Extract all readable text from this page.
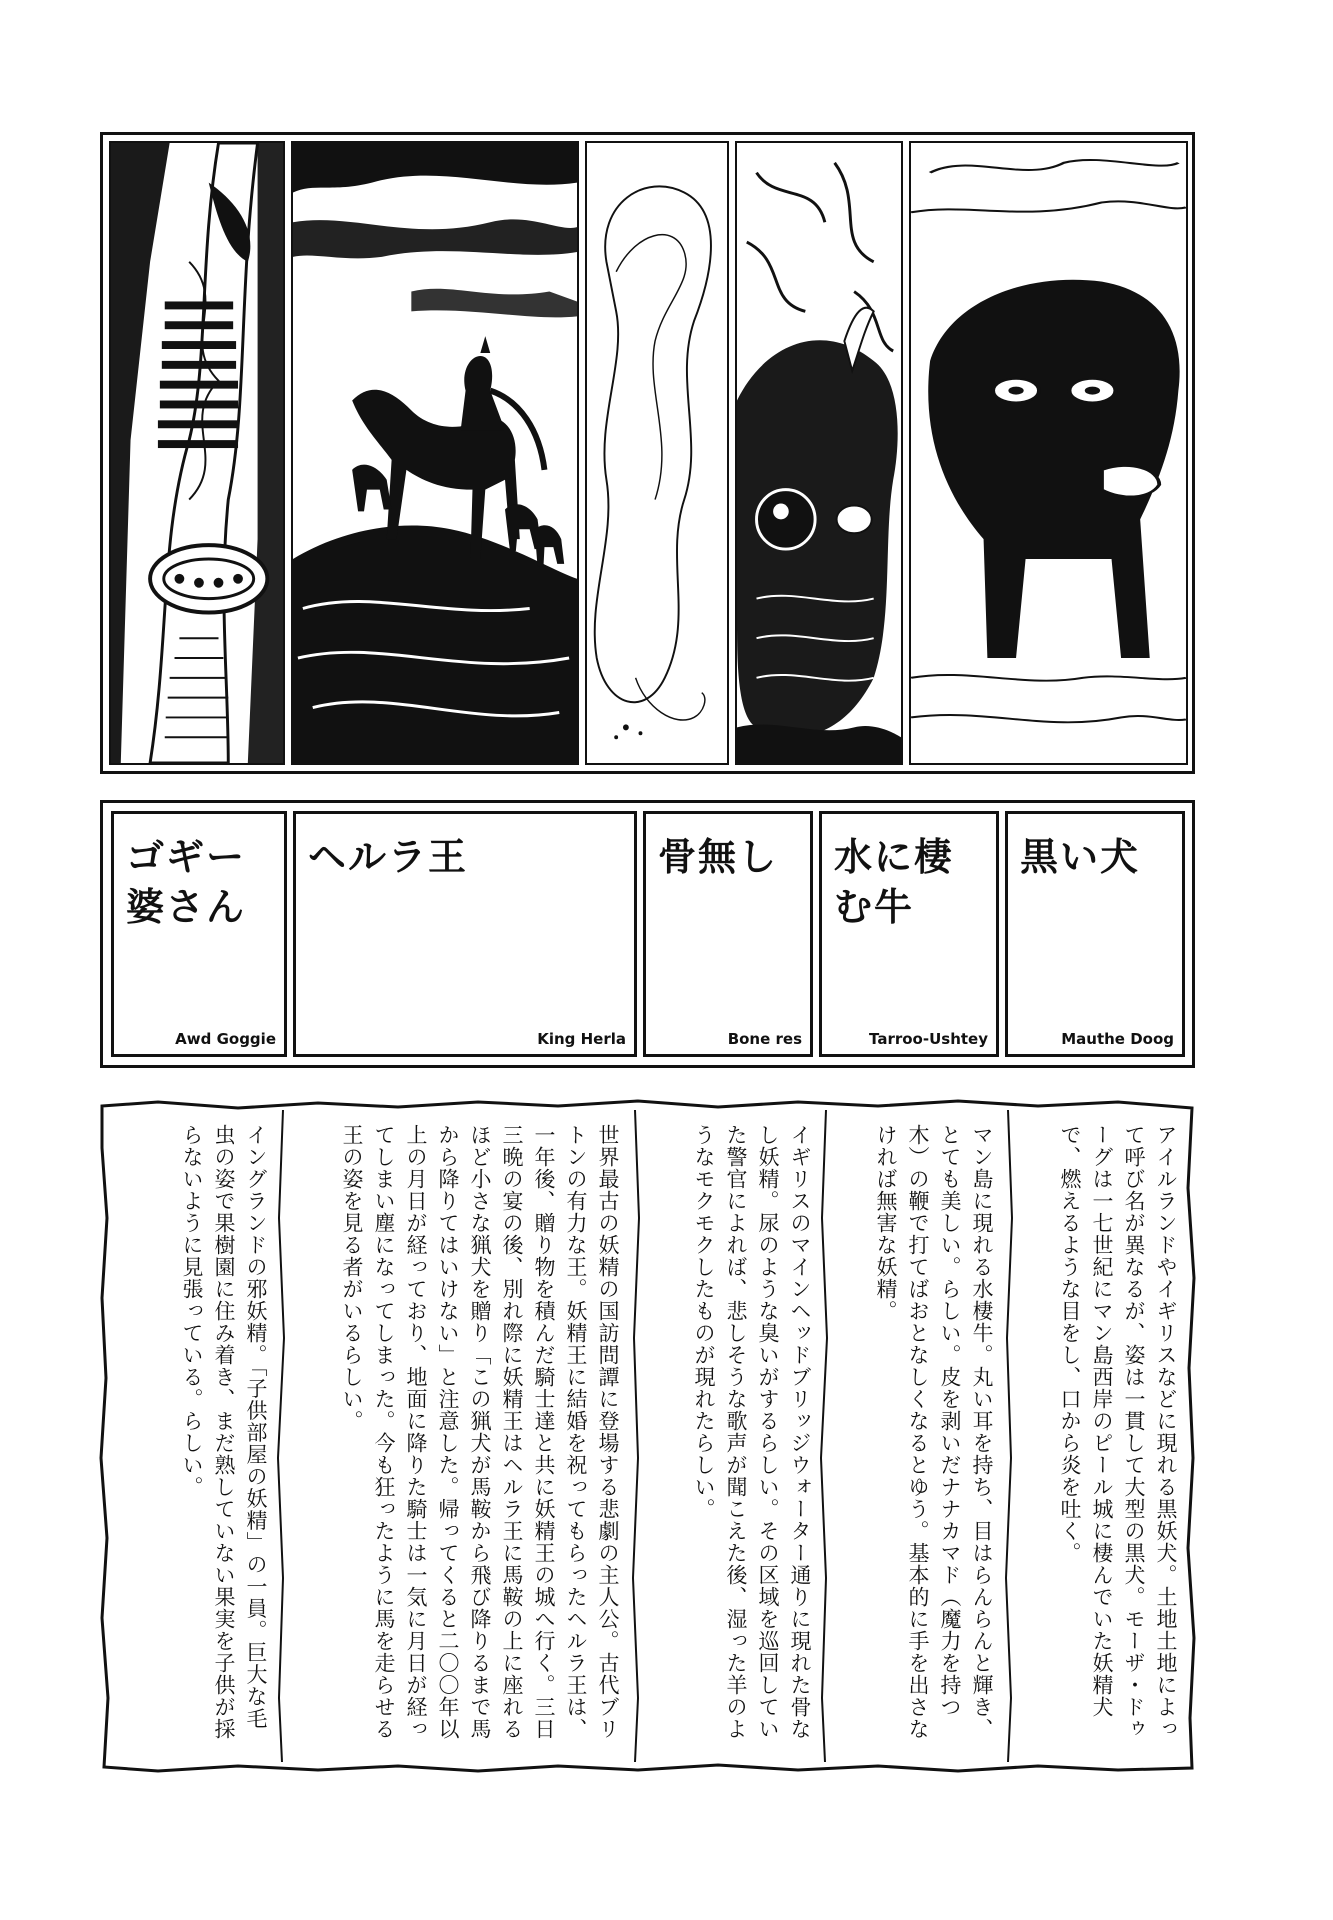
ゴギー婆さん
Awd Goggie
ヘルラ王
King Herla
骨無し
Bone res
水に棲む牛
Tarroo-Ushtey
黒い犬
Mauthe Doog
イングランドの邪妖精。「子供部屋の妖精」の一員。巨大な毛虫の姿で果樹園に住み着き、まだ熟していない果実を子供が採らないように見張っている。らしい。	世界最古の妖精の国訪問譚に登場する悲劇の主人公。古代ブリトンの有力な王。妖精王に結婚を祝ってもらったヘルラ王は、一年後、贈り物を積んだ騎士達と共に妖精王の城へ行く。三日三晩の宴の後、別れ際に妖精王はヘルラ王に馬鞍の上に座れるほど小さな猟犬を贈り「この猟犬が馬鞍から飛び降りるまで馬から降りてはいけない」と注意した。帰ってくると二〇〇年以上の月日が経っており、地面に降りた騎士は一気に月日が経ってしまい塵になってしまった。今も狂ったように馬を走らせる王の姿を見る者がいるらしい。	イギリスのマインヘッドブリッジウォーター通りに現れた骨なし妖精。尿のような臭いがするらしい。その区域を巡回していた警官によれば、悲しそうな歌声が聞こえた後、湿った羊のようなモクモクしたものが現れたらしい。	マン島に現れる水棲牛。丸い耳を持ち、目はらんらんと輝き、とても美しい。らしい。皮を剥いだナナカマド（魔力を持つ木）の鞭で打てばおとなしくなるとゆう。基本的に手を出さなければ無害な妖精。	アイルランドやイギリスなどに現れる黒妖犬。土地土地によって呼び名が異なるが、姿は一貫して大型の黒犬。モーザ・ドゥーグは一七世紀にマン島西岸のピール城に棲んでいた妖精犬で、燃えるような目をし、口から炎を吐く。
